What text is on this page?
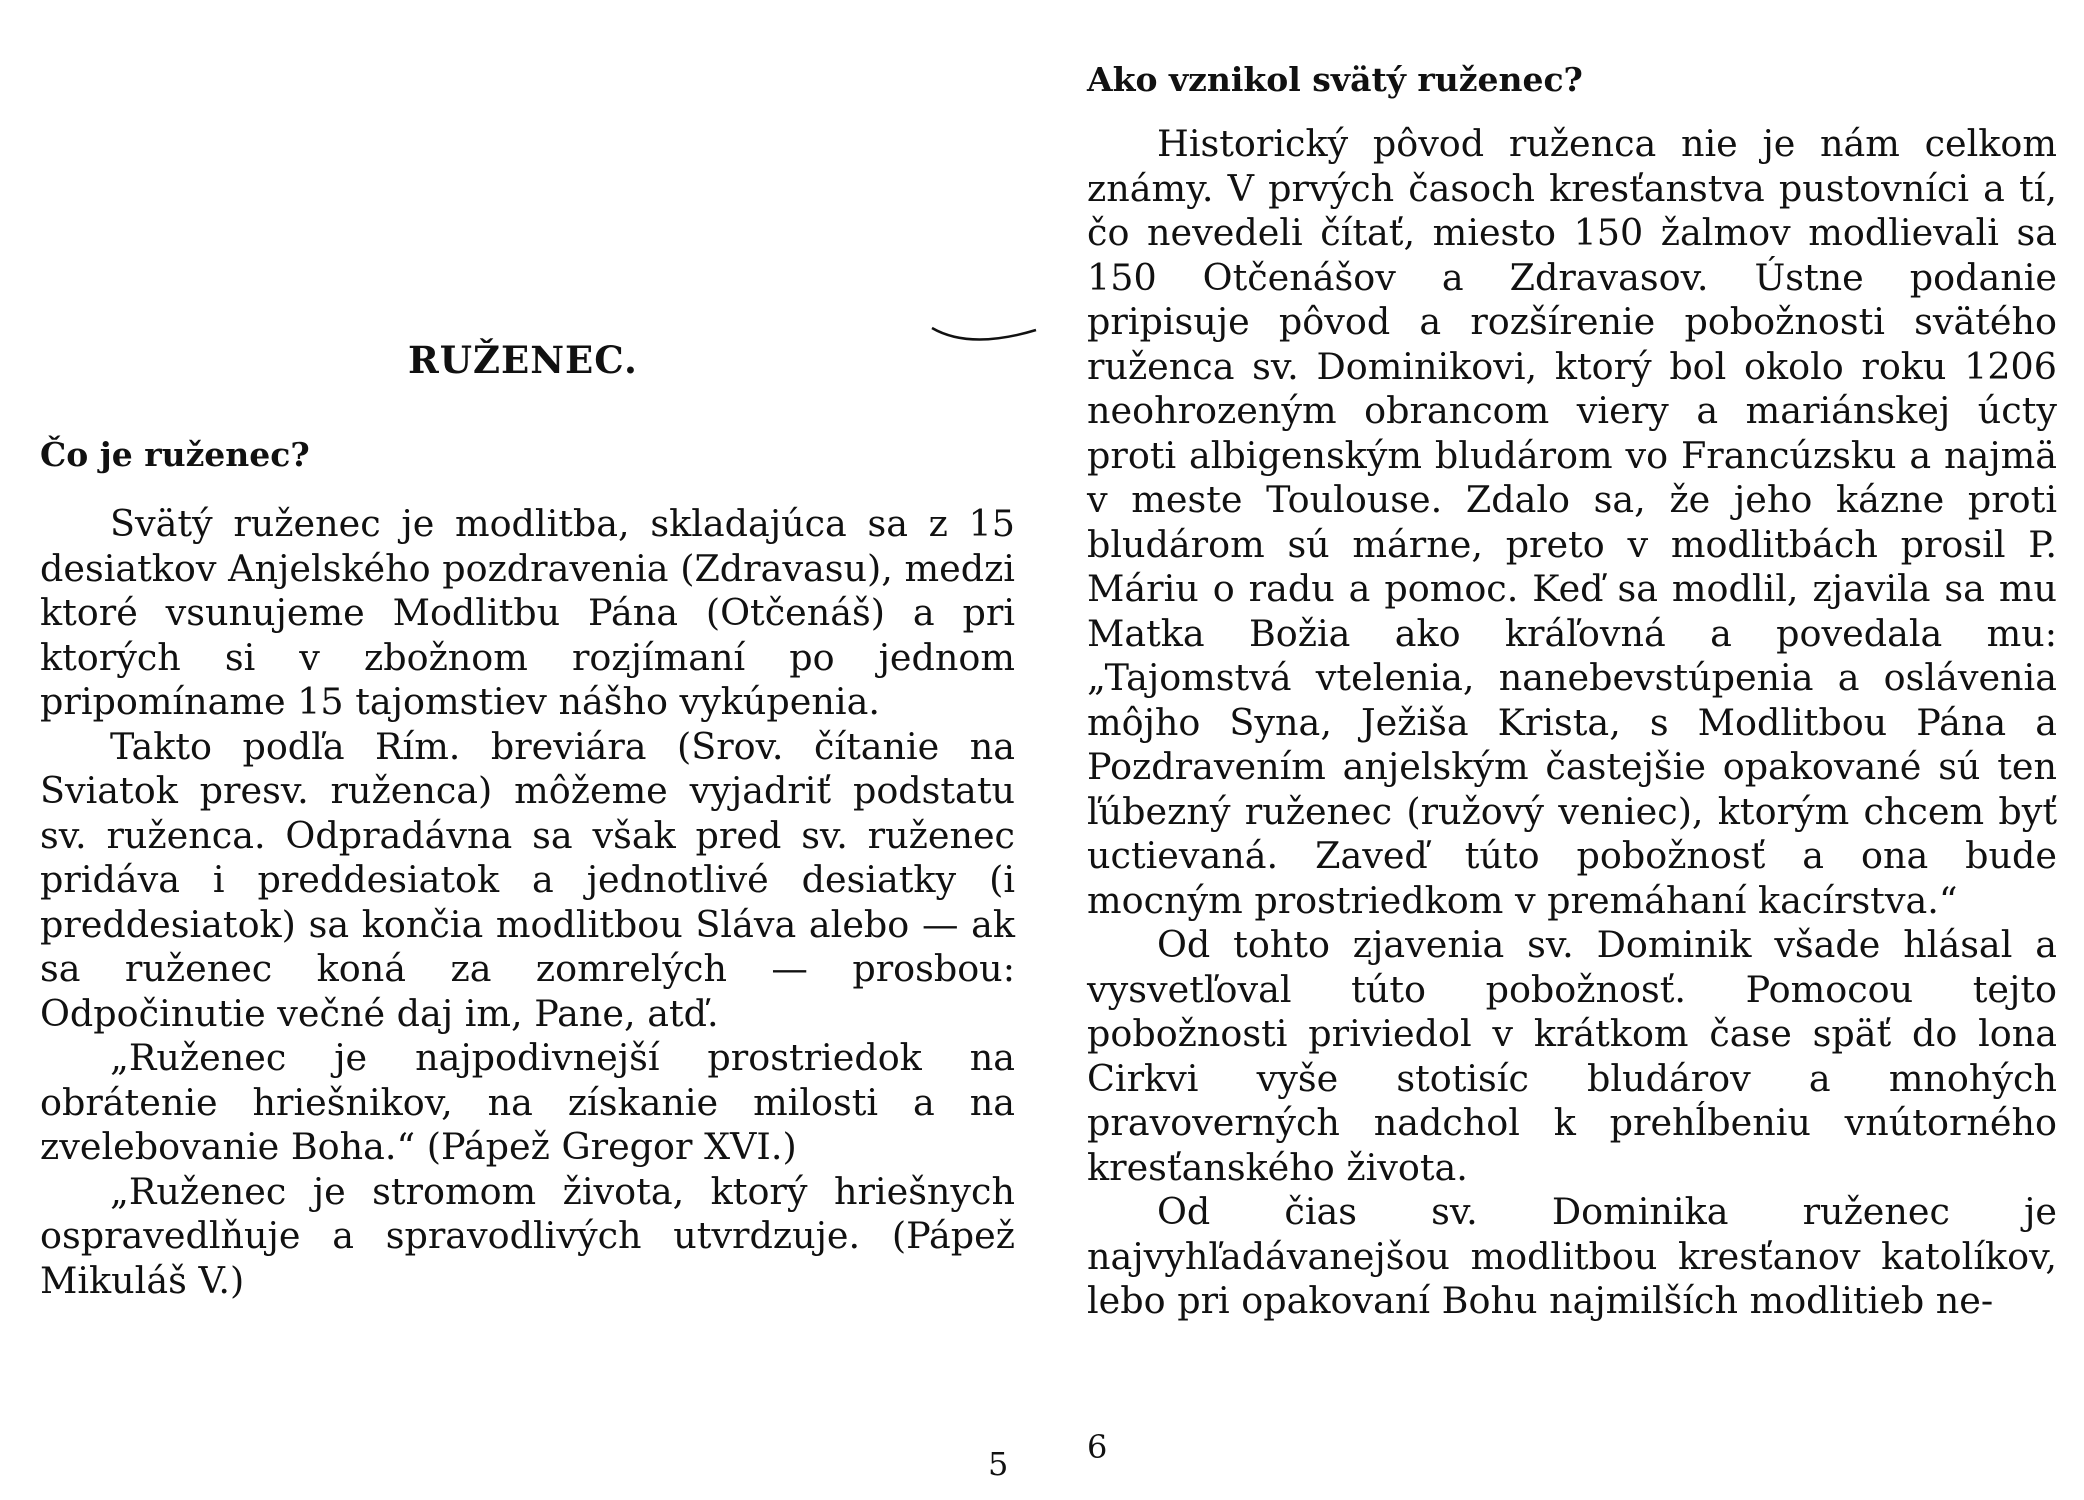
RUŽENEC.
Čo je ruženec?

Svätý ruženec je modlitba, skladajúca sa z 15 desiatkov Anjelského pozdravenia (Zdravasu), medzi ktoré vsunujeme Modlitbu Pána (Otčenáš) a pri ktorých si v zbožnom rozjímaní po jednom pripomíname 15 tajomstiev nášho vykúpenia.

Takto podľa Rím. breviára (Srov. čítanie na Sviatok presv. ruženca) môžeme vyjadriť podstatu sv. ruženca. Odpradávna sa však pred sv. ruženec pridáva i preddesiatok a jednotlivé desiatky (i preddesiatok) sa končia modlitbou Sláva alebo — ak sa ruženec koná za zomrelých — prosbou: Odpočinutie večné daj im, Pane, atď.

„Ruženec je najpodivnejší prostriedok na obrátenie hriešnikov, na získanie milosti a na zvelebovanie Boha.“ (Pápež Gregor XVI.)

„Ruženec je stromom života, ktorý hriešnych ospravedlňuje a spravodlivých utvrdzuje. (Pápež Mikuláš V.)

5
Ako vznikol svätý ruženec?

Historický pôvod ruženca nie je nám celkom známy. V prvých časoch kresťanstva pustovníci a tí, čo nevedeli čítať, miesto 150 žalmov modlievali sa 150 Otčenášov a Zdravasov. Ústne podanie pripisuje pôvod a rozšírenie pobožnosti svätého ruženca sv. Dominikovi, ktorý bol okolo roku 1206 neohrozeným obrancom viery a mariánskej úcty proti albigenským bludárom vo Francúzsku a najmä v meste Toulouse. Zdalo sa, že jeho kázne proti bludárom sú márne, preto v modlitbách prosil P. Máriu o radu a pomoc. Keď sa modlil, zjavila sa mu Matka Božia ako kráľovná a povedala mu: „Tajomstvá vtelenia, nanebevstúpenia a oslávenia môjho Syna, Ježiša Krista, s Modlitbou Pána a Pozdravením anjelským častejšie opakované sú ten ľúbezný ruženec (ružový veniec), ktorým chcem byť uctievaná. Zaveď túto pobožnosť a ona bude mocným prostriedkom v premáhaní kacírstva.“

Od tohto zjavenia sv. Dominik všade hlásal a vysvetľoval túto pobožnosť. Pomocou tejto pobožnosti priviedol v krátkom čase späť do lona Cirkvi vyše stotisíc bludárov a mnohých pravoverných nadchol k prehĺbeniu vnútorného kresťanského života.

Od čias sv. Dominika ruženec je najvyhľadávanejšou modlitbou kresťanov katolíkov, lebo pri opakovaní Bohu najmilších modlitieb ne-

6
